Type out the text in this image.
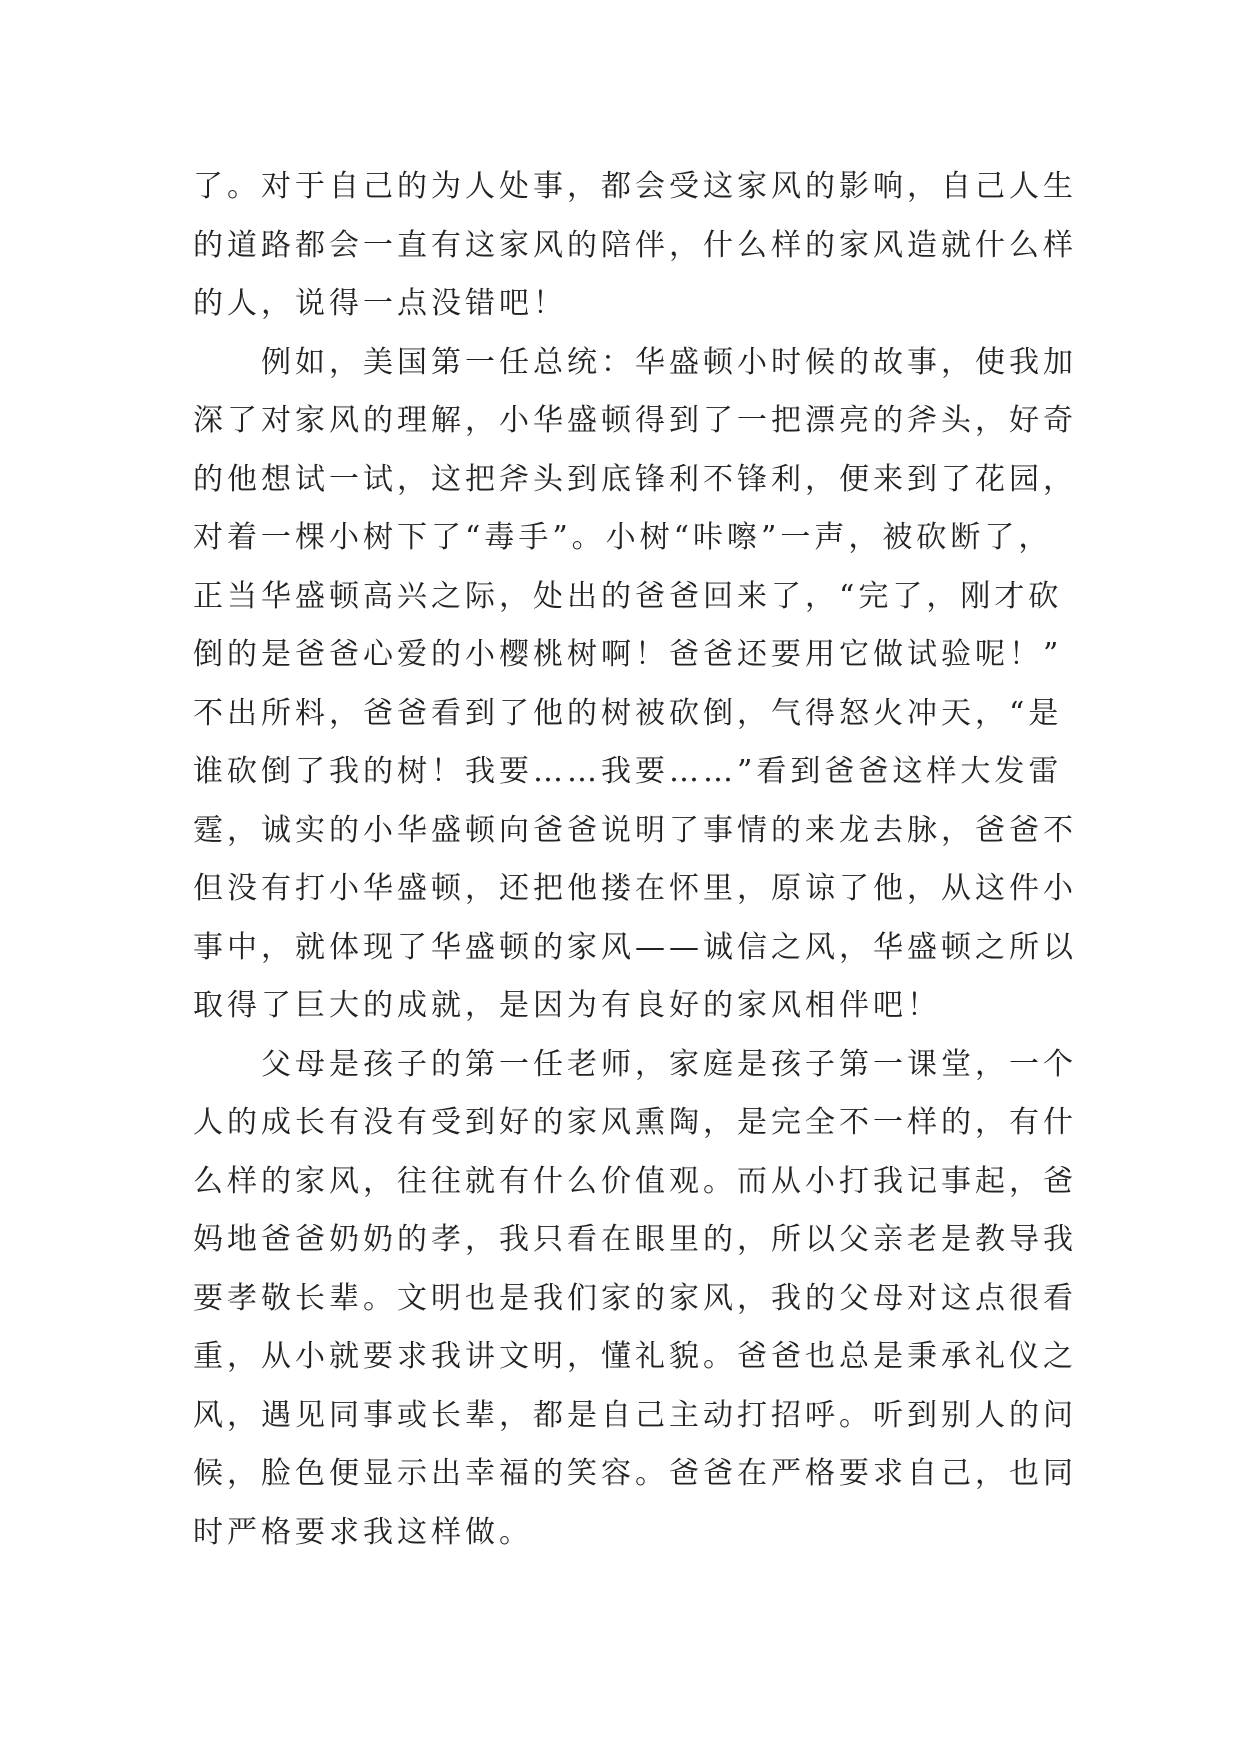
了。对于自己的为人处事，都会受这家风的影响，自己人生
的道路都会一直有这家风的陪伴，什么样的家风造就什么样
的人，说得一点没错吧！
　　例如，美国第一任总统：华盛顿小时候的故事，使我加
深了对家风的理解，小华盛顿得到了一把漂亮的斧头，好奇
的他想试一试，这把斧头到底锋利不锋利，便来到了花园，
对着一棵小树下了“毒手”。小树“咔嚓”一声，被砍断了，
正当华盛顿高兴之际，处出的爸爸回来了，“完了，刚才砍
倒的是爸爸心爱的小樱桃树啊！爸爸还要用它做试验呢！”
不出所料，爸爸看到了他的树被砍倒，气得怒火冲天，“是
谁砍倒了我的树！我要……我要……”看到爸爸这样大发雷
霆，诚实的小华盛顿向爸爸说明了事情的来龙去脉，爸爸不
但没有打小华盛顿，还把他搂在怀里，原谅了他，从这件小
事中，就体现了华盛顿的家风——诚信之风，华盛顿之所以
取得了巨大的成就，是因为有良好的家风相伴吧！
　　父母是孩子的第一任老师，家庭是孩子第一课堂，一个
人的成长有没有受到好的家风熏陶，是完全不一样的，有什
么样的家风，往往就有什么价值观。而从小打我记事起，爸
妈地爸爸奶奶的孝，我只看在眼里的，所以父亲老是教导我
要孝敬长辈。文明也是我们家的家风，我的父母对这点很看
重，从小就要求我讲文明，懂礼貌。爸爸也总是秉承礼仪之
风，遇见同事或长辈，都是自己主动打招呼。听到别人的问
候，脸色便显示出幸福的笑容。爸爸在严格要求自己，也同
时严格要求我这样做。
